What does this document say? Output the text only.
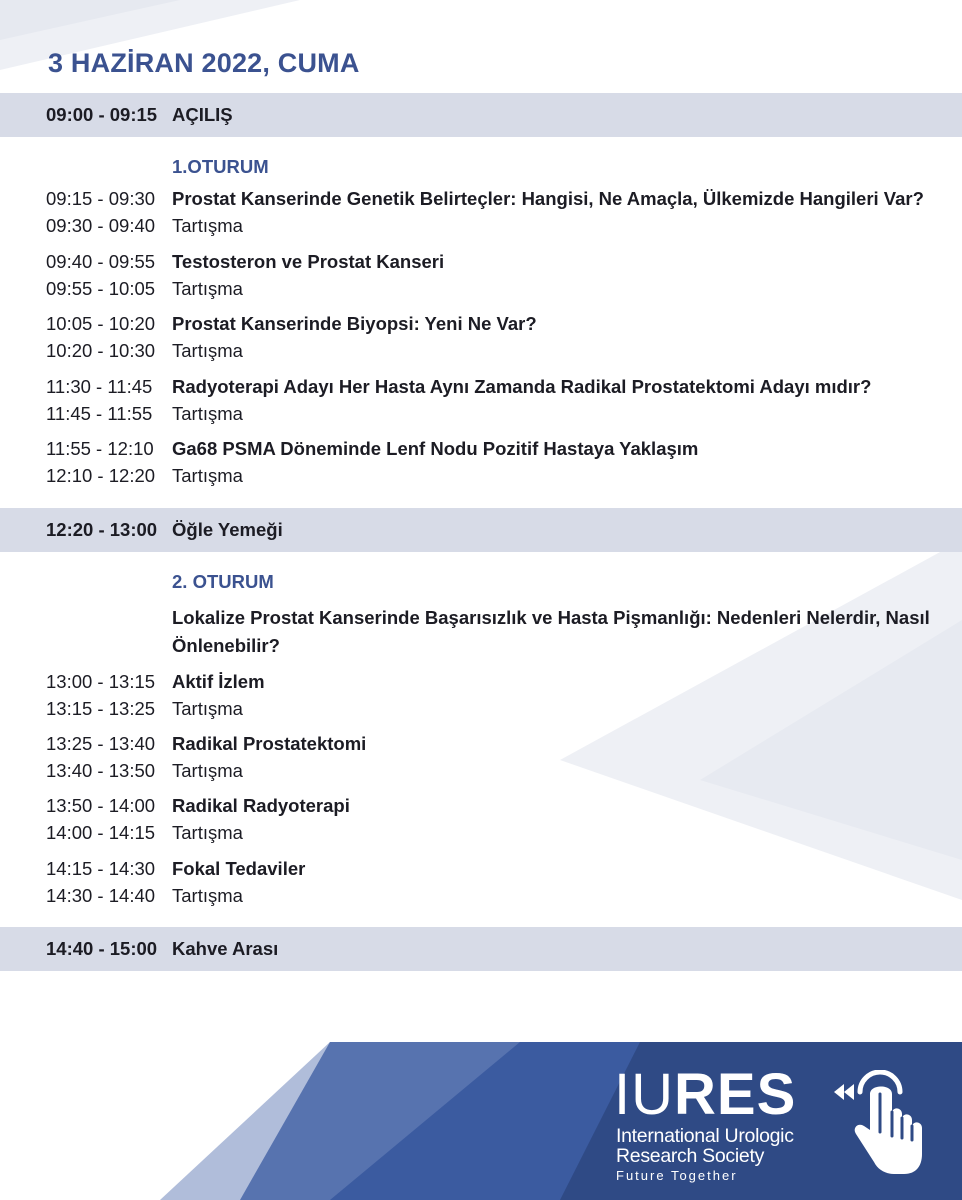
3 HAZİRAN 2022, CUMA
09:00 - 09:15 AÇILIŞ
1.OTURUM
09:15 - 09:30 Prostat Kanserinde Genetik Belirteçler: Hangisi, Ne Amaçla, Ülkemizde Hangileri Var?
09:30 - 09:40 Tartışma
09:40 - 09:55 Testosteron ve Prostat Kanseri
09:55 - 10:05 Tartışma
10:05 - 10:20 Prostat Kanserinde Biyopsi: Yeni Ne Var?
10:20 - 10:30 Tartışma
11:30 - 11:45 Radyoterapi Adayı Her Hasta Aynı Zamanda Radikal Prostatektomi Adayı mıdır?
11:45 - 11:55 Tartışma
11:55 - 12:10 Ga68 PSMA Döneminde Lenf Nodu Pozitif Hastaya Yaklaşım
12:10 - 12:20 Tartışma
12:20 - 13:00 Öğle Yemeği
2. OTURUM
Lokalize Prostat Kanserinde Başarısızlık ve Hasta Pişmanlığı: Nedenleri Nelerdir, Nasıl Önlenebilir?
13:00 - 13:15 Aktif İzlem
13:15 - 13:25 Tartışma
13:25 - 13:40 Radikal Prostatektomi
13:40 - 13:50 Tartışma
13:50 - 14:00 Radikal Radyoterapi
14:00 - 14:15 Tartışma
14:15 - 14:30 Fokal Tedaviler
14:30 - 14:40 Tartışma
14:40 - 15:00 Kahve Arası
IURES
International Urologic
Research Society
Future Together
